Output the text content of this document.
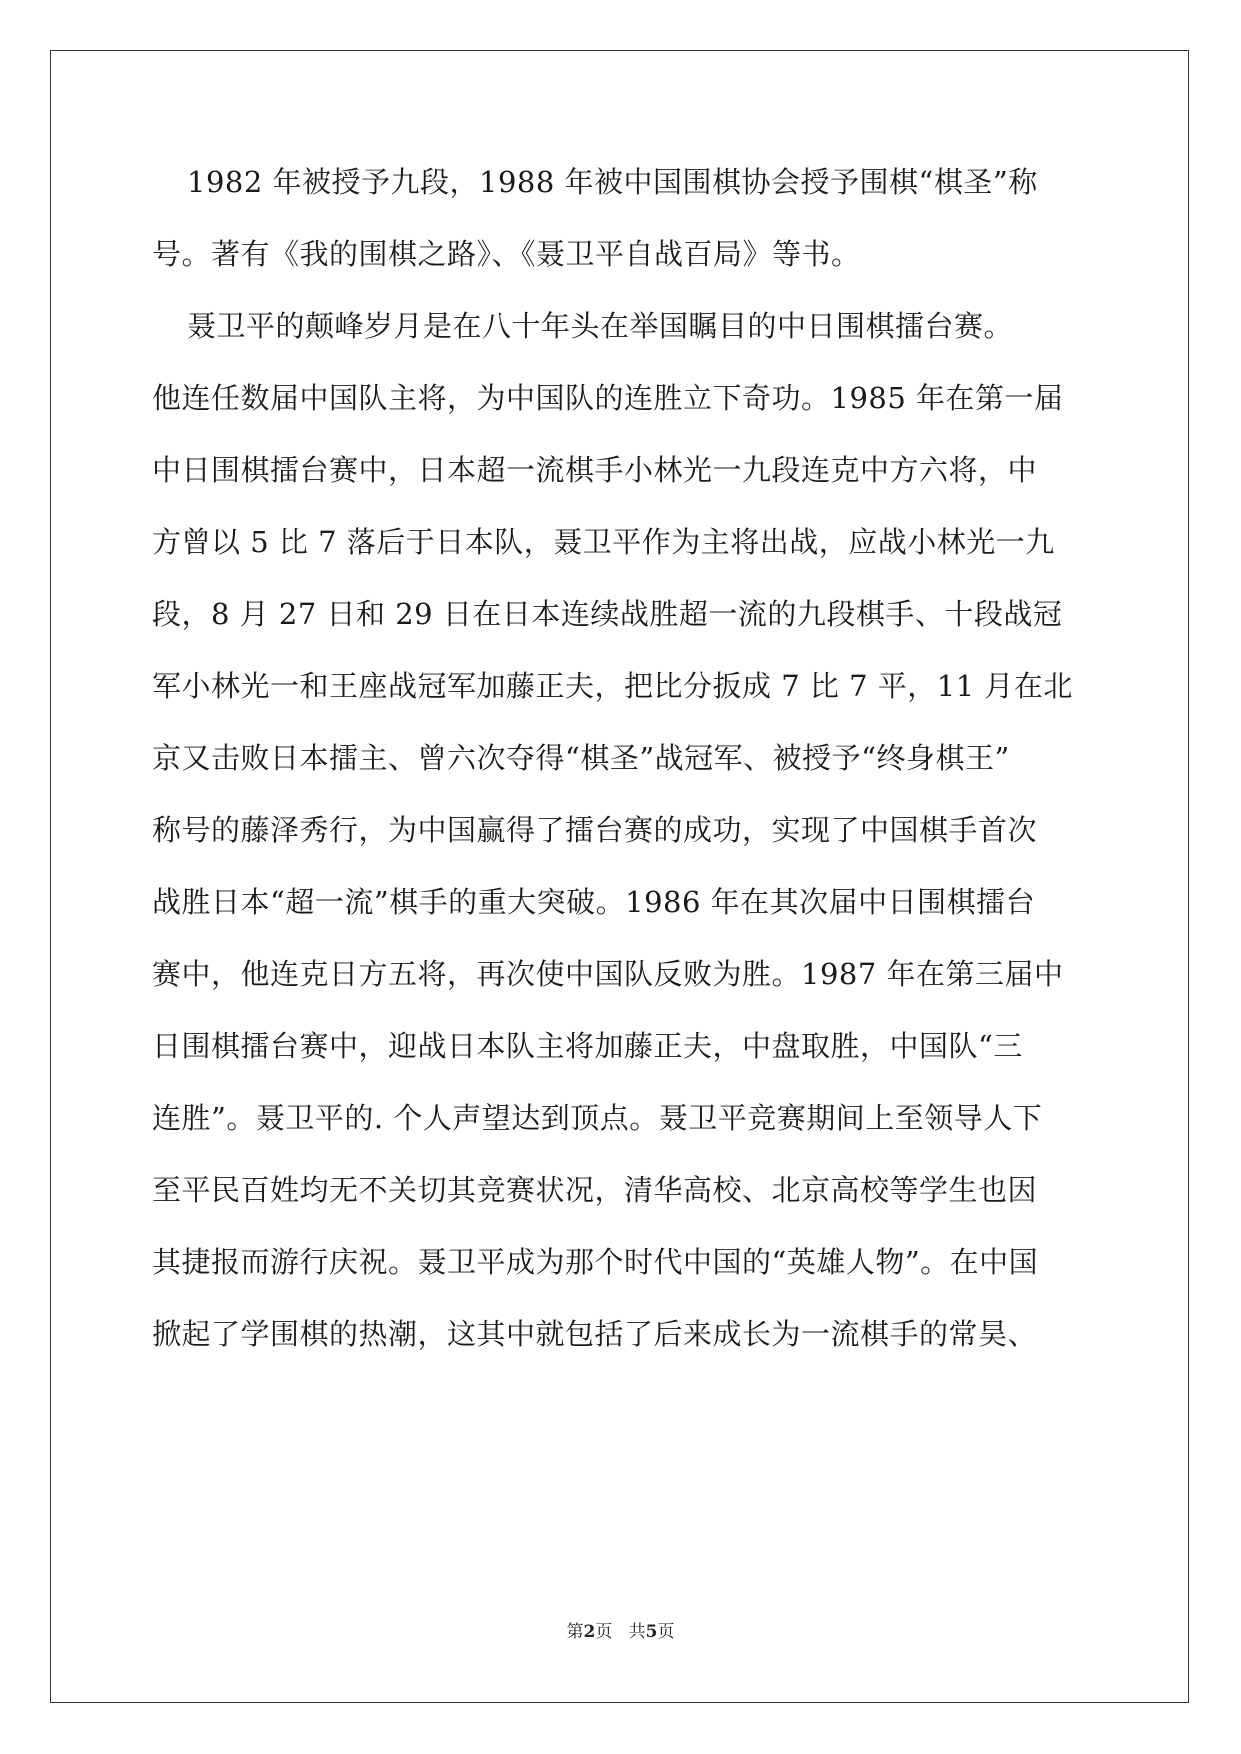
1982 年被授予九段，1988 年被中国围棋协会授予围棋“棋圣”称
号。著有《我的围棋之路》、《聂卫平自战百局》等书。
聂卫平的颠峰岁月是在八十年头在举国瞩目的中日围棋擂台赛。
他连任数届中国队主将，为中国队的连胜立下奇功。1985 年在第一届
中日围棋擂台赛中，日本超一流棋手小林光一九段连克中方六将，中
方曾以 5 比 7 落后于日本队，聂卫平作为主将出战，应战小林光一九
段，8 月 27 日和 29 日在日本连续战胜超一流的九段棋手、十段战冠
军小林光一和王座战冠军加藤正夫，把比分扳成 7 比 7 平，11 月在北
京又击败日本擂主、曾六次夺得“棋圣”战冠军、被授予“终身棋王”
称号的藤泽秀行，为中国赢得了擂台赛的成功，实现了中国棋手首次
战胜日本“超一流”棋手的重大突破。1986 年在其次届中日围棋擂台
赛中，他连克日方五将，再次使中国队反败为胜。1987 年在第三届中
日围棋擂台赛中，迎战日本队主将加藤正夫，中盘取胜，中国队“三
连胜”。聂卫平的. 个人声望达到顶点。聂卫平竞赛期间上至领导人下
至平民百姓均无不关切其竞赛状况，清华高校、北京高校等学生也因
其捷报而游行庆祝。聂卫平成为那个时代中国的“英雄人物”。在中国
掀起了学围棋的热潮，这其中就包括了后来成长为一流棋手的常昊、
第2页 共5页
